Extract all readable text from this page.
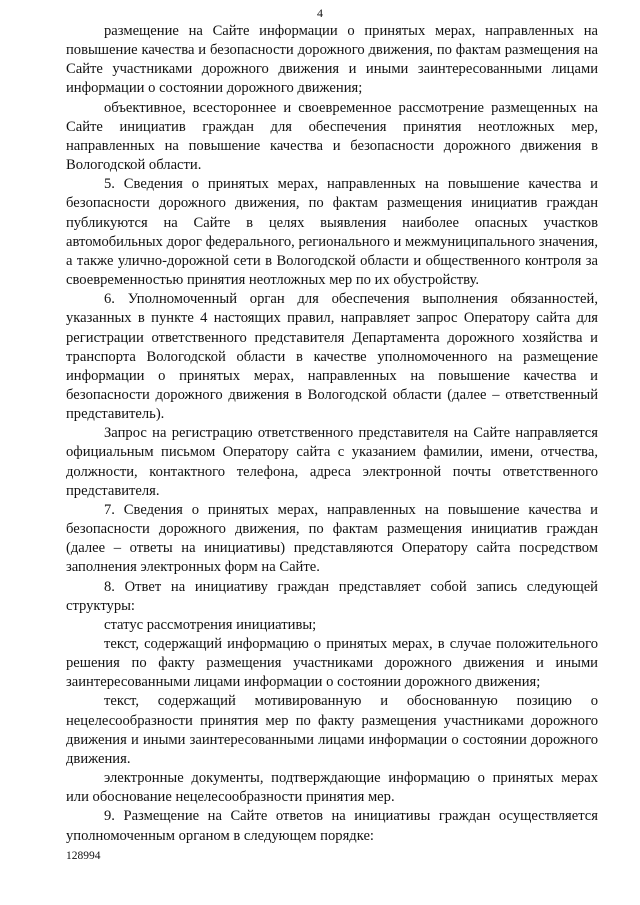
4

размещение на Сайте информации о принятых мерах, направленных на повышение качества и безопасности дорожного движения, по фактам размещения на Сайте участниками дорожного движения и иными заинтересованными лицами информации о состоянии дорожного движения;

объективное, всестороннее и своевременное рассмотрение размещенных на Сайте инициатив граждан для обеспечения принятия неотложных мер, направленных на повышение качества и безопасности дорожного движения в Вологодской области.

5. Сведения о принятых мерах, направленных на повышение качества и безопасности дорожного движения, по фактам размещения инициатив граждан публикуются на Сайте в целях выявления наиболее опасных участков автомобильных дорог федерального, регионального и межмуниципального значения, а также улично-дорожной сети в Вологодской области и общественного контроля за своевременностью принятия неотложных мер по их обустройству.

6. Уполномоченный орган для обеспечения выполнения обязанностей, указанных в пункте 4 настоящих правил, направляет запрос Оператору сайта для регистрации ответственного представителя Департамента дорожного хозяйства и транспорта Вологодской области в качестве уполномоченного на размещение информации о принятых мерах, направленных на повышение качества и безопасности дорожного движения в Вологодской области (далее – ответственный представитель).

Запрос на регистрацию ответственного представителя на Сайте направляется официальным письмом Оператору сайта с указанием фамилии, имени, отчества, должности, контактного телефона, адреса электронной почты ответственного представителя.

7. Сведения о принятых мерах, направленных на повышение качества и безопасности дорожного движения, по фактам размещения инициатив граждан (далее – ответы на инициативы) представляются Оператору сайта посредством заполнения электронных форм на Сайте.

8. Ответ на инициативу граждан представляет собой запись следующей структуры:

статус рассмотрения инициативы;

текст, содержащий информацию о принятых мерах, в случае положительного решения по факту размещения участниками дорожного движения и иными заинтересованными лицами информации о состоянии дорожного движения;

текст, содержащий мотивированную и обоснованную позицию о нецелесообразности принятия мер по факту размещения участниками дорожного движения и иными заинтересованными лицами информации о состоянии дорожного движения.

электронные документы, подтверждающие информацию о принятых мерах или обоснование нецелесообразности принятия мер.

9. Размещение на Сайте ответов на инициативы граждан осуществляется уполномоченным органом в следующем порядке:

128994
